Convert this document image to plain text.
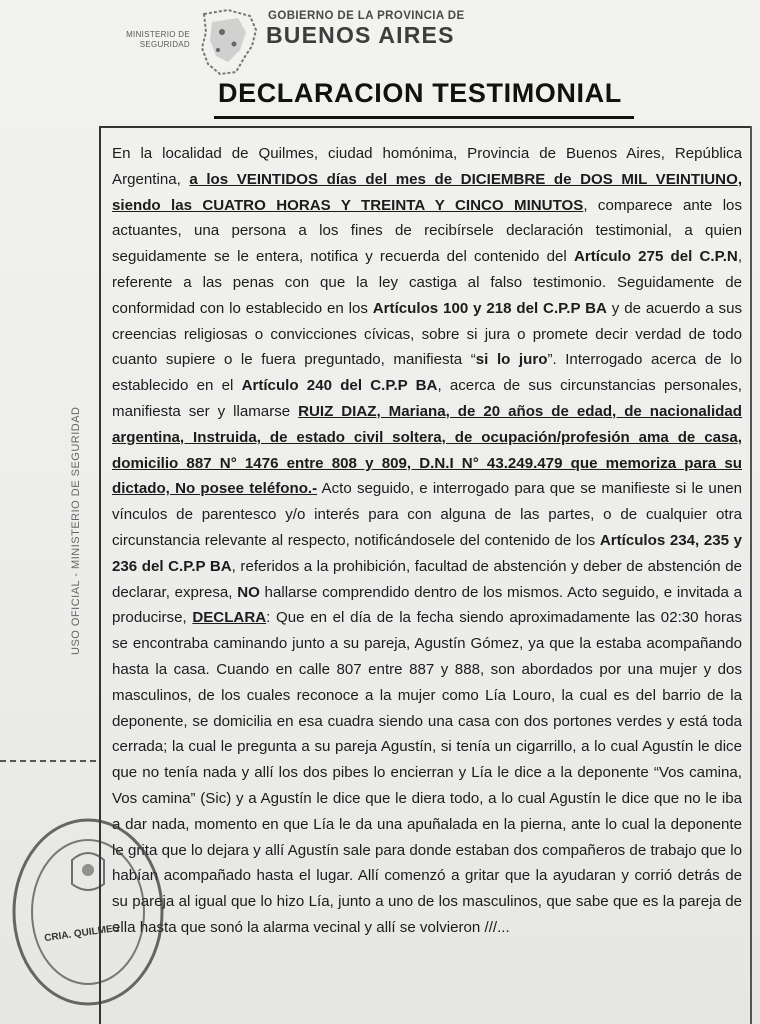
MINISTERIO DE
SEGURIDAD
GOBIERNO DE LA PROVINCIA DE
BUENOS AIRES
DECLARACION TESTIMONIAL
USO OFICIAL - MINISTERIO DE SEGURIDAD
En la localidad de Quilmes, ciudad homónima, Provincia de Buenos Aires, República Argentina, a los VEINTIDOS días del mes de DICIEMBRE de DOS MIL VEINTIUNO, siendo las CUATRO HORAS Y TREINTA Y CINCO MINUTOS, comparece ante los actuantes, una persona a los fines de recibírsele declaración testimonial, a quien seguidamente se le entera, notifica y recuerda del contenido del Artículo 275 del C.P.N, referente a las penas con que la ley castiga al falso testimonio. Seguidamente de conformidad con lo establecido en los Artículos 100 y 218 del C.P.P BA y de acuerdo a sus creencias religiosas o convicciones cívicas, sobre si jura o promete decir verdad de todo cuanto supiere o le fuera preguntado, manifiesta “si lo juro”. Interrogado acerca de lo establecido en el Artículo 240 del C.P.P BA, acerca de sus circunstancias personales, manifiesta ser y llamarse RUIZ DIAZ, Mariana, de 20 años de edad, de nacionalidad argentina, Instruida, de estado civil soltera, de ocupación/profesión ama de casa, domicilio 887 N° 1476 entre 808 y 809, D.N.I N° 43.249.479 que memoriza para su dictado, No posee teléfono.- Acto seguido, e interrogado para que se manifieste si le unen vínculos de parentesco y/o interés para con alguna de las partes, o de cualquier otra circunstancia relevante al respecto, notificándosele del contenido de los Artículos 234, 235 y 236 del C.P.P BA, referidos a la prohibición, facultad de abstención y deber de abstención de declarar, expresa, NO hallarse comprendido dentro de los mismos. Acto seguido, e invitada a producirse, DECLARA: Que en el día de la fecha siendo aproximadamente las 02:30 horas se encontraba caminando junto a su pareja, Agustín Gómez, ya que la estaba acompañando hasta la casa. Cuando en calle 807 entre 887 y 888, son abordados por una mujer y dos masculinos, de los cuales reconoce a la mujer como Lía Louro, la cual es del barrio de la deponente, se domicilia en esa cuadra siendo una casa con dos portones verdes y está toda cerrada; la cual le pregunta a su pareja Agustín, si tenía un cigarrillo, a lo cual Agustín le dice que no tenía nada y allí los dos pibes lo encierran y Lía le dice a la deponente “Vos camina, Vos camina” (Sic) y a Agustín le dice que le diera todo, a lo cual Agustín le dice que no le iba a dar nada, momento en que Lía le da una apuñalada en la pierna, ante lo cual la deponente le grita que lo dejara y allí Agustín sale para donde estaban dos compañeros de trabajo que lo habían acompañado hasta el lugar. Allí comenzó a gritar que la ayudaran y corrió detrás de su pareja al igual que lo hizo Lía, junto a uno de los masculinos, que sabe que es la pareja de ella hasta que sonó la alarma vecinal y allí se volvieron ///...
CRIA. QUILMES
